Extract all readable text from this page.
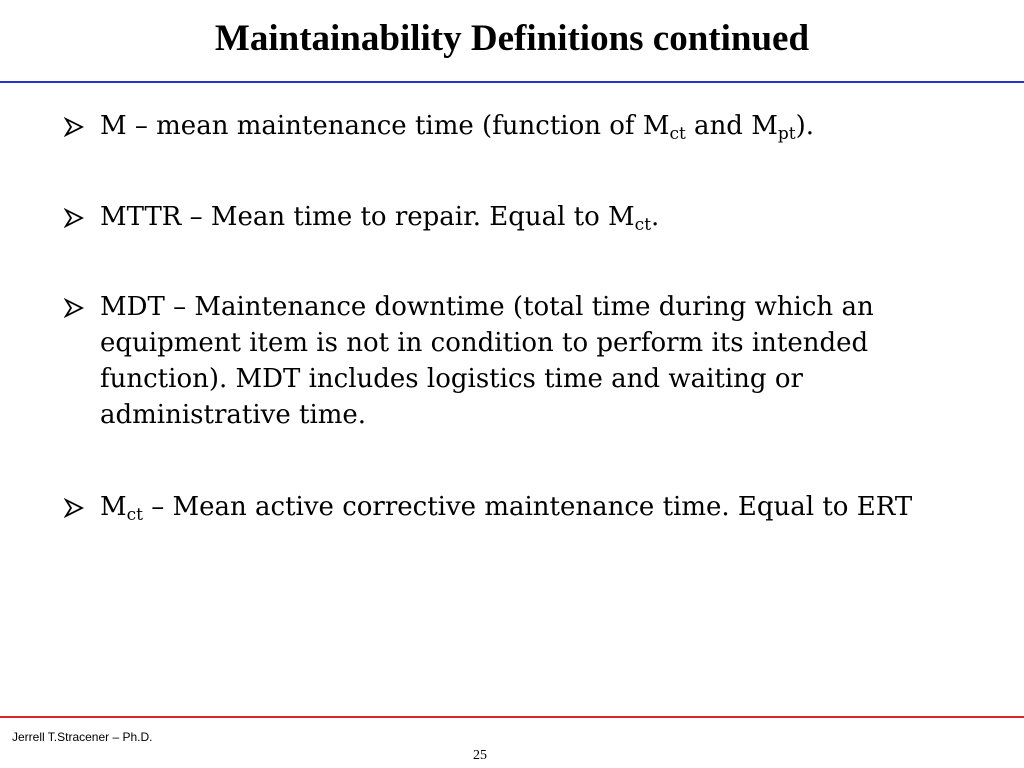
Maintainability Definitions continued
M – mean maintenance time (function of $M_{ct}$ and $M_{pt}$).
MTTR – Mean time to repair. Equal to $M_{ct}$.
MDT – Maintenance downtime (total time during which an equipment item is not in condition to perform its intended function). MDT includes logistics time and waiting or administrative time.
$M_{ct}$ – Mean active corrective maintenance time. Equal to ERT
Jerrell T.Stracener – Ph.D.
25
